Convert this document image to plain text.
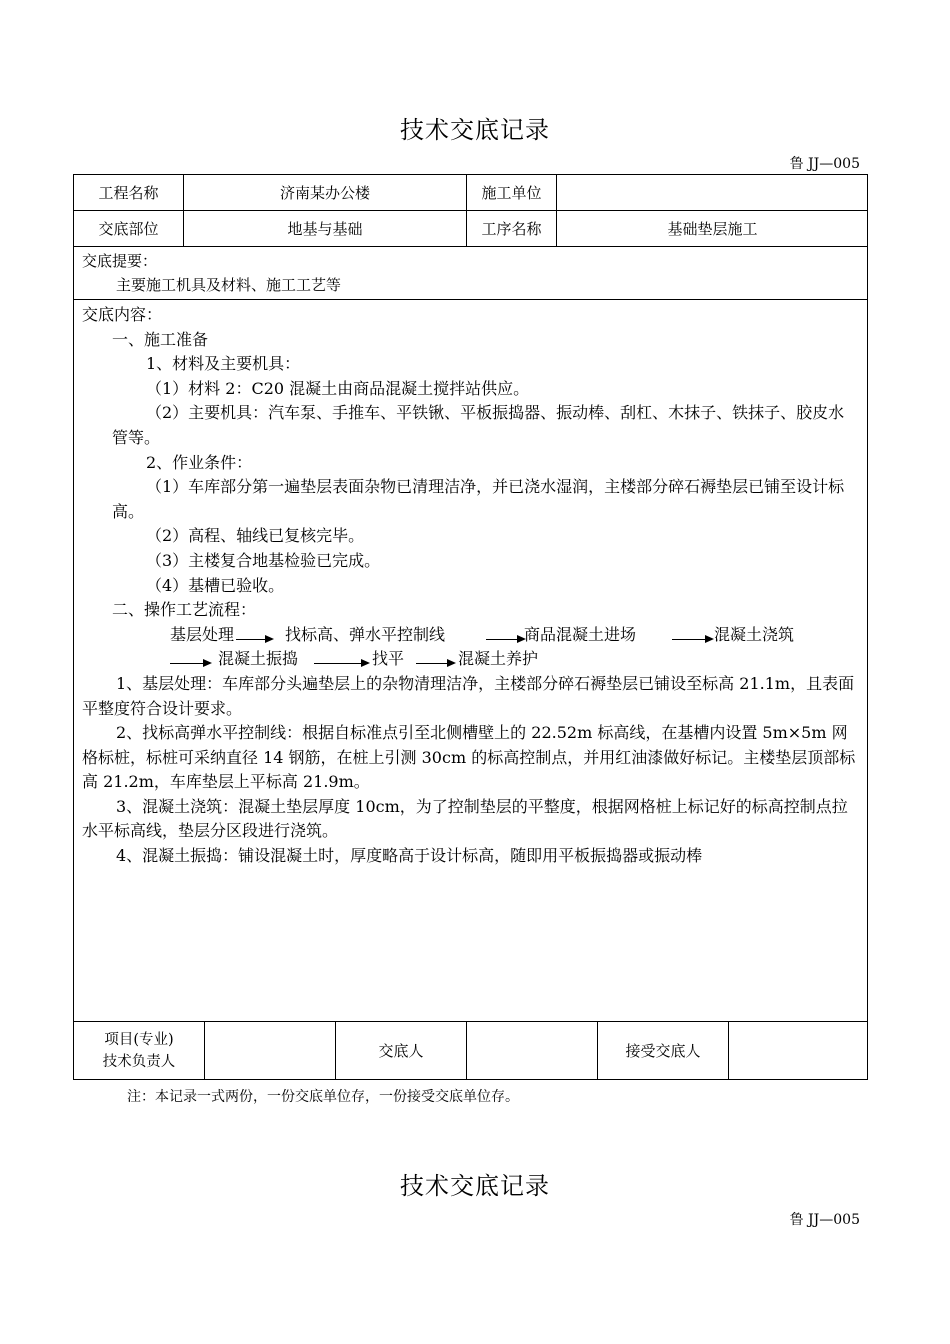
技术交底记录
鲁 JJ—005
工程名称	济南某办公楼	施工单位
交底部位	地基与基础	工序名称	基础垫层施工
交底提要：
主要施工机具及材料、施工工艺等

交底内容：

一、施工准备

1、材料及主要机具：

（1）材料 2：C20 混凝土由商品混凝土搅拌站供应。

（2）主要机具：汽车泵、手推车、平铁锹、平板振捣器、振动棒、刮杠、木抹子、铁抹子、胶皮水管等。

2、作业条件：

（1）车库部分第一遍垫层表面杂物已清理洁净，并已浇水湿润，主楼部分碎石褥垫层已铺至设计标高。

（2）高程、轴线已复核完毕。

（3）主楼复合地基检验已完成。

（4）基槽已验收。

二、操作工艺流程：

基层处理	找标高、弹水平控制线	商品混凝土进场	混凝土浇筑
混凝土振捣	找平	混凝土养护

1、基层处理：车库部分头遍垫层上的杂物清理洁净，主楼部分碎石褥垫层已铺设至标高 21.1m，且表面平整度符合设计要求。

2、找标高弹水平控制线：根据自标准点引至北侧槽壁上的 22.52m 标高线，在基槽内设置 5m×5m 网格标桩，标桩可采纳直径 14 钢筋，在桩上引测 30cm 的标高控制点，并用红油漆做好标记。主楼垫层顶部标高 21.2m，车库垫层上平标高 21.9m。

3、混凝土浇筑：混凝土垫层厚度 10cm，为了控制垫层的平整度，根据网格桩上标记好的标高控制点拉水平标高线，垫层分区段进行浇筑。

4、混凝土振捣：铺设混凝土时，厚度略高于设计标高，随即用平板振捣器或振动棒

项目(专业)
技术负责人
交底人	接受交底人
注：本记录一式两份，一份交底单位存，一份接受交底单位存。
技术交底记录
鲁 JJ—005
